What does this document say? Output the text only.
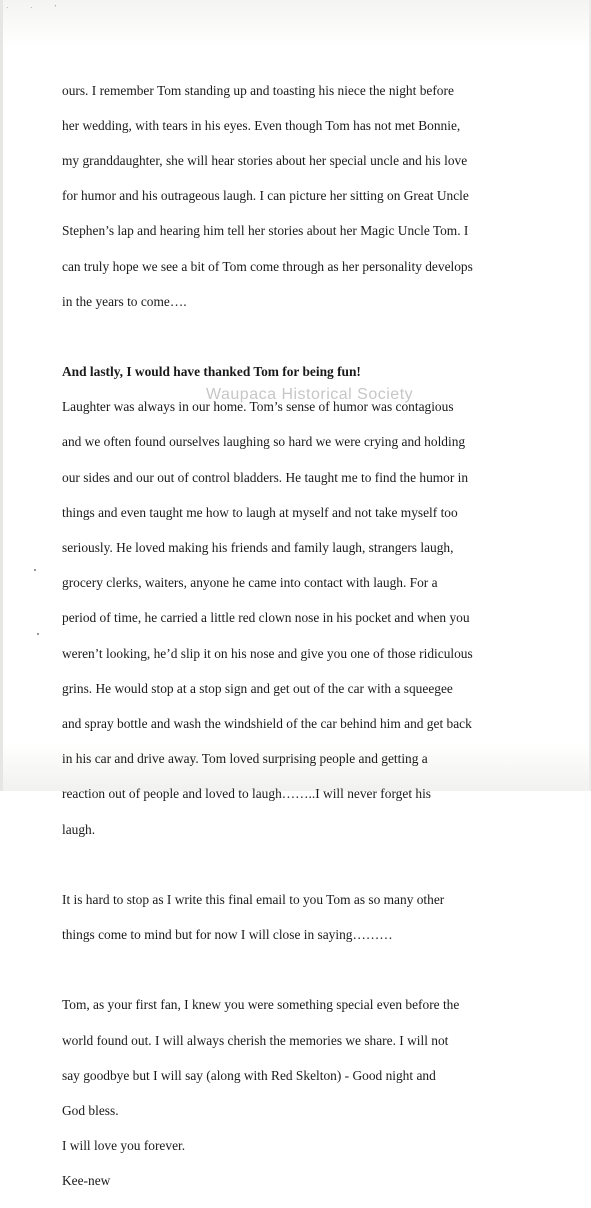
· · ’

ours. I remember Tom standing up and toasting his niece the night before

her wedding, with tears in his eyes. Even though Tom has not met Bonnie,

my granddaughter, she will hear stories about her special uncle and his love

for humor and his outrageous laugh. I can picture her sitting on Great Uncle

Stephen’s lap and hearing him tell her stories about her Magic Uncle Tom. I

can truly hope we see a bit of Tom come through as her personality develops

in the years to come….

And lastly, I would have thanked Tom for being fun!

Laughter was always in our home. Tom’s sense of humor was contagious

and we often found ourselves laughing so hard we were crying and holding

our sides and our out of control bladders. He taught me to find the humor in

things and even taught me how to laugh at myself and not take myself too

seriously. He loved making his friends and family laugh, strangers laugh,

grocery clerks, waiters, anyone he came into contact with laugh. For a

period of time, he carried a little red clown nose in his pocket and when you

weren’t looking, he’d slip it on his nose and give you one of those ridiculous

grins. He would stop at a stop sign and get out of the car with a squeegee

and spray bottle and wash the windshield of the car behind him and get back

in his car and drive away. Tom loved surprising people and getting a

reaction out of people and loved to laugh……..I will never forget his

laugh.

It is hard to stop as I write this final email to you Tom as so many other

things come to mind but for now I will close in saying………

Tom, as your first fan, I knew you were something special even before the

world found out. I will always cherish the memories we share. I will not

say goodbye but I will say (along with Red Skelton) - Good night and

God bless.

I will love you forever.

Kee-new

Waupaca Historical Society
